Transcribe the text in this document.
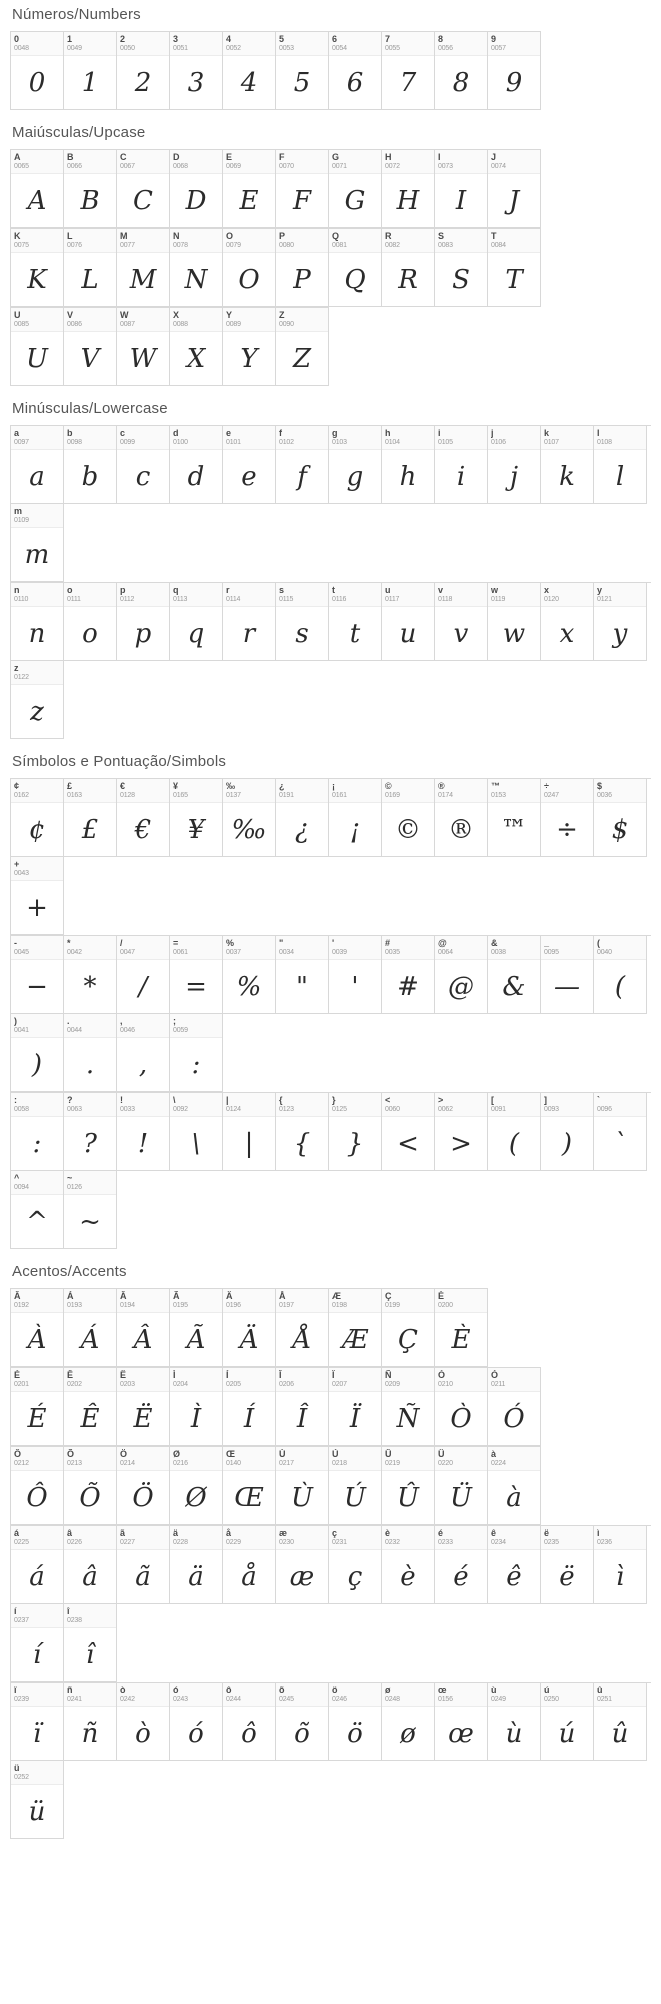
Números/Numbers
0
0048
0
1
0049
1
2
0050
2
3
0051
3
4
0052
4
5
0053
5
6
0054
6
7
0055
7
8
0056
8
9
0057
9
Maiúsculas/Upcase
A
0065
A
B
0066
B
C
0067
C
D
0068
D
E
0069
E
F
0070
F
G
0071
G
H
0072
H
I
0073
I
J
0074
J
K
0075
K
L
0076
L
M
0077
M
N
0078
N
O
0079
O
P
0080
P
Q
0081
Q
R
0082
R
S
0083
S
T
0084
T
U
0085
U
V
0086
V
W
0087
W
X
0088
X
Y
0089
Y
Z
0090
Z
Minúsculas/Lowercase
a
0097
a
b
0098
b
c
0099
c
d
0100
d
e
0101
e
f
0102
f
g
0103
g
h
0104
h
i
0105
i
j
0106
j
k
0107
k
l
0108
l
m
0109
m
n
0110
n
o
0111
o
p
0112
p
q
0113
q
r
0114
r
s
0115
s
t
0116
t
u
0117
u
v
0118
v
w
0119
w
x
0120
x
y
0121
y
z
0122
z
Símbolos e Pontuação/Simbols
¢
0162
¢
£
0163
£
€
0128
€
¥
0165
¥
‰
0137
‰
¿
0191
¿
¡
0161
¡
©
0169
©
®
0174
®
™
0153
™
÷
0247
÷
$
0036
$
+
0043
+
-
0045
−
*
0042
*
/
0047
/
=
0061
=
%
0037
%
"
0034
"
'
0039
'
#
0035
#
@
0064
@
&
0038
&
_
0095
—
(
0040
(
)
0041
)
.
0044
.
,
0046
,
;
0059
:
:
0058
:
?
0063
?
!
0033
!
\
0092
\
|
0124
|
{
0123
{
}
0125
}
<
0060
<
>
0062
>
[
0091
(
]
0093
)
`
0096
`
^
0094
^
~
0126
~
Acentos/Accents
Â
0192
À
Á
0193
Á
Â
0194
Â
Ã
0195
Ã
Ä
0196
Ä
Å
0197
Å
Æ
0198
Æ
Ç
0199
Ç
È
0200
È
É
0201
É
Ê
0202
Ê
Ë
0203
Ë
Ì
0204
Ì
Í
0205
Í
Î
0206
Î
Ï
0207
Ï
Ñ
0209
Ñ
Ò
0210
Ò
Ó
0211
Ó
Ô
0212
Ô
Õ
0213
Õ
Ö
0214
Ö
Ø
0216
Ø
Œ
0140
Œ
Ù
0217
Ù
Ú
0218
Ú
Û
0219
Û
Ü
0220
Ü
à
0224
à
á
0225
á
â
0226
â
ã
0227
ã
ä
0228
ä
å
0229
å
æ
0230
æ
ç
0231
ç
è
0232
è
é
0233
é
ê
0234
ê
ë
0235
ë
ì
0236
ì
í
0237
í
î
0238
î
ï
0239
ï
ñ
0241
ñ
ò
0242
ò
ó
0243
ó
ô
0244
ô
õ
0245
õ
ö
0246
ö
ø
0248
ø
œ
0156
œ
ù
0249
ù
ú
0250
ú
û
0251
û
ü
0252
ü
